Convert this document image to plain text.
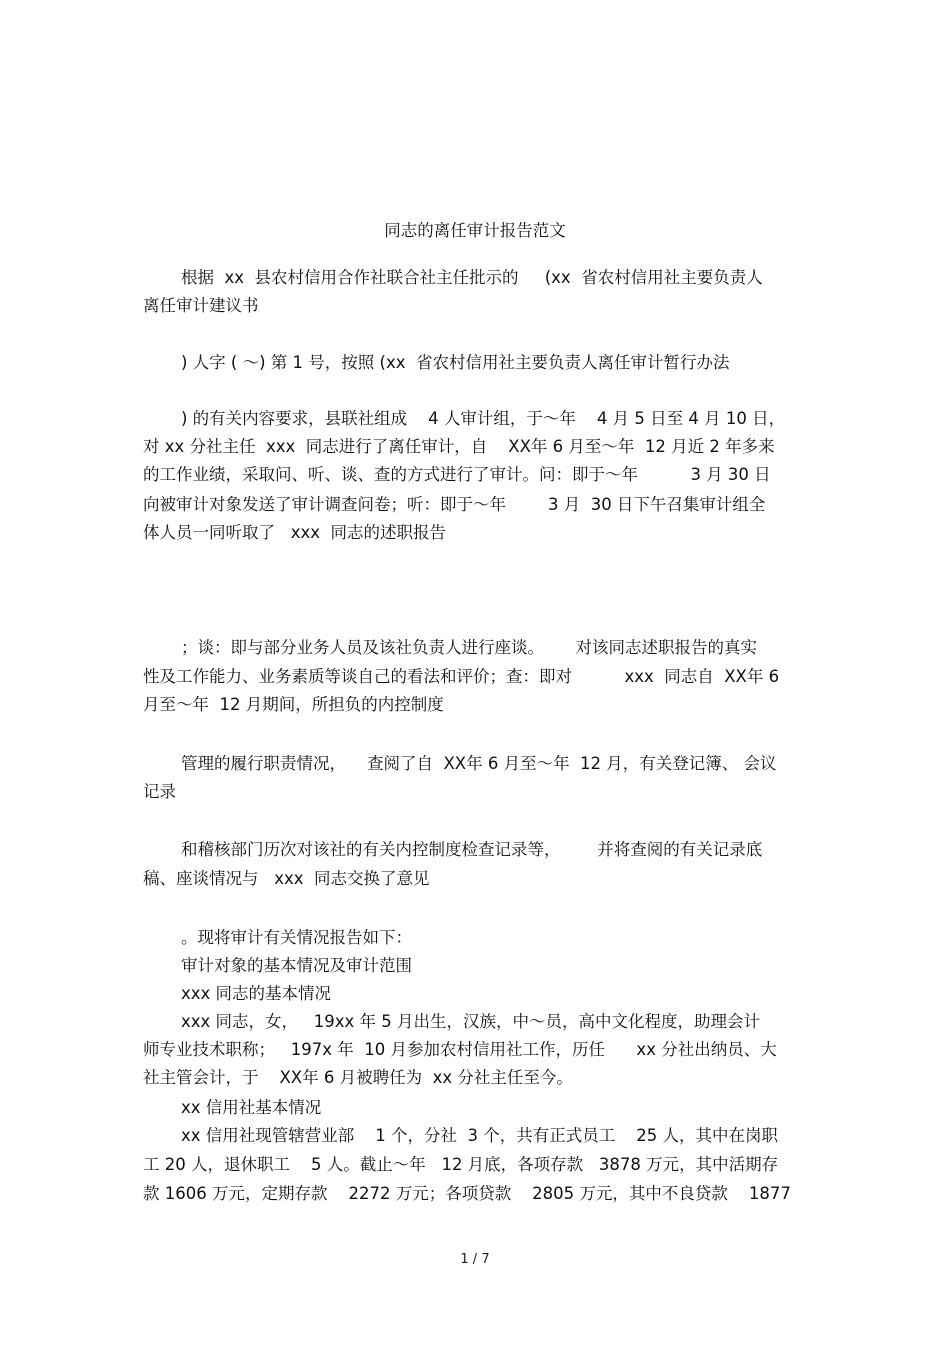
同志的离任审计报告范文
根据  xx  县农村信用合作社联合社主任批示的     (xx  省农村信用社主要负责人
离任审计建议书
) 人字 ( ～) 第 1 号，按照 (xx  省农村信用社主要负责人离任审计暂行办法
) 的有关内容要求，县联社组成    4 人审计组，于～年    4 月 5 日至 4 月 10 日，
对 xx 分社主任  xxx  同志进行了离任审计，自    XX年 6 月至～年  12 月近 2 年多来
的工作业绩，采取问、听、谈、查的方式进行了审计。问：即于～年          3 月 30 日
向被审计对象发送了审计调查问卷；听：即于～年        3 月  30 日下午召集审计组全
体人员一同听取了   xxx  同志的述职报告
；谈：即与部分业务人员及该社负责人进行座谈。      对该同志述职报告的真实
性及工作能力、业务素质等谈自己的看法和评价；查：即对          xxx  同志自  XX年 6
月至～年  12 月期间，所担负的内控制度
管理的履行职责情况，    查阅了自  XX年 6 月至～年  12 月，有关登记簿、 会议
记录
和稽核部门历次对该社的有关内控制度检查记录等，       并将查阅的有关记录底
稿、座谈情况与   xxx  同志交换了意见
。现将审计有关情况报告如下：
审计对象的基本情况及审计范围
xxx 同志的基本情况
xxx 同志，女，   19xx 年 5 月出生，汉族，中～员，高中文化程度，助理会计
师专业技术职称；   197x 年  10 月参加农村信用社工作，历任      xx 分社出纳员、大
社主管会计，于    XX年 6 月被聘任为  xx 分社主任至今。
xx 信用社基本情况
xx 信用社现管辖营业部    1 个，分社  3 个，共有正式员工    25 人，其中在岗职
工 20 人，退休职工    5 人。截止～年   12 月底，各项存款   3878 万元，其中活期存
款 1606 万元，定期存款    2272 万元；各项贷款    2805 万元，其中不良贷款    1877
1 / 7
